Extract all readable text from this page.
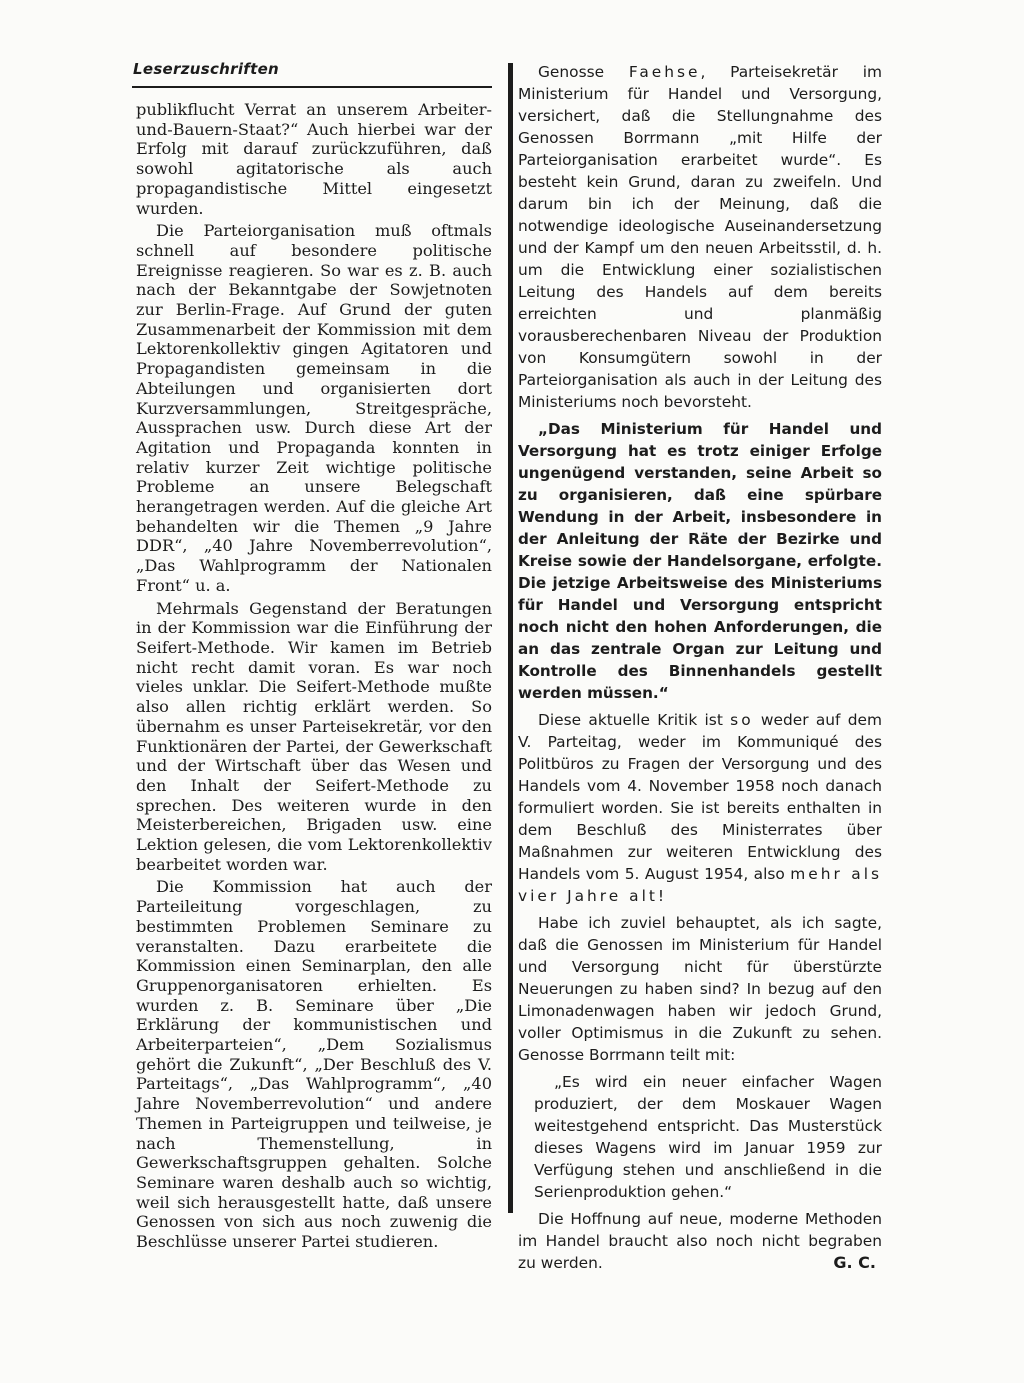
Leserzuschriften

publikflucht Verrat an unserem Arbeiter- und-Bauern-Staat?“ Auch hierbei war der Erfolg mit darauf zurückzuführen, daß sowohl agitatorische als auch propagandistische Mittel eingesetzt wurden.

Die Parteiorganisation muß oftmals schnell auf besondere politische Ereignisse reagieren. So war es z. B. auch nach der Bekanntgabe der Sowjetnoten zur Berlin-Frage. Auf Grund der guten Zusammenarbeit der Kommission mit dem Lektorenkollektiv gingen Agitatoren und Propagandisten gemeinsam in die Abteilungen und organisierten dort Kurzversammlungen, Streitgespräche, Aussprachen usw. Durch diese Art der Agitation und Propaganda konnten in relativ kurzer Zeit wichtige politische Probleme an unsere Belegschaft herangetragen werden. Auf die gleiche Art behandelten wir die Themen „9 Jahre DDR“, „40 Jahre Novemberrevolution“, „Das Wahlprogramm der Nationalen Front“ u. a.

Mehrmals Gegenstand der Beratungen in der Kommission war die Einführung der Seifert-Methode. Wir kamen im Betrieb nicht recht damit voran. Es war noch vieles unklar. Die Seifert-Methode mußte also allen richtig erklärt werden. So übernahm es unser Parteisekretär, vor den Funktionären der Partei, der Gewerkschaft und der Wirtschaft über das Wesen und den Inhalt der Seifert-Methode zu sprechen. Des weiteren wurde in den Meisterbereichen, Brigaden usw. eine Lektion gelesen, die vom Lektorenkollektiv bearbeitet worden war.

Die Kommission hat auch der Parteileitung vorgeschlagen, zu bestimmten Problemen Seminare zu veranstalten. Dazu erarbeitete die Kommission einen Seminarplan, den alle Gruppenorganisatoren erhielten. Es wurden z. B. Seminare über „Die Erklärung der kommunistischen und Arbeiterparteien“, „Dem Sozialismus gehört die Zukunft“, „Der Beschluß des V. Parteitags“, „Das Wahlprogramm“, „40 Jahre Novemberrevolution“ und andere Themen in Parteigruppen und teilweise, je nach Themenstellung, in Gewerkschaftsgruppen gehalten. Solche Seminare waren deshalb auch so wichtig, weil sich herausgestellt hatte, daß unsere Genossen von sich aus noch zuwenig die Beschlüsse unserer Partei studieren.

Genosse Faehse, Parteisekretär im Ministerium für Handel und Versorgung, versichert, daß die Stellungnahme des Genossen Borrmann „mit Hilfe der Parteiorganisation erarbeitet wurde“. Es besteht kein Grund, daran zu zweifeln. Und darum bin ich der Meinung, daß die notwendige ideologische Auseinandersetzung und der Kampf um den neuen Arbeitsstil, d. h. um die Entwicklung einer sozialistischen Leitung des Handels auf dem bereits erreichten und planmäßig vorausberechenbaren Niveau der Produktion von Konsumgütern sowohl in der Parteiorganisation als auch in der Leitung des Ministeriums noch bevorsteht.

„Das Ministerium für Handel und Versorgung hat es trotz einiger Erfolge ungenügend verstanden, seine Arbeit so zu organisieren, daß eine spürbare Wendung in der Arbeit, insbesondere in der Anleitung der Räte der Bezirke und Kreise sowie der Handelsorgane, erfolgte. Die jetzige Arbeitsweise des Ministeriums für Handel und Versorgung entspricht noch nicht den hohen Anforderungen, die an das zentrale Organ zur Leitung und Kontrolle des Binnenhandels gestellt werden müssen.“

Diese aktuelle Kritik ist so weder auf dem V. Parteitag, weder im Kommuniqué des Politbüros zu Fragen der Versorgung und des Handels vom 4. November 1958 noch danach formuliert worden. Sie ist bereits enthalten in dem Beschluß des Ministerrates über Maßnahmen zur weiteren Entwicklung des Handels vom 5. August 1954, also mehr als vier Jahre alt!

Habe ich zuviel behauptet, als ich sagte, daß die Genossen im Ministerium für Handel und Versorgung nicht für überstürzte Neuerungen zu haben sind? In bezug auf den Limonadenwagen haben wir jedoch Grund, voller Optimismus in die Zukunft zu sehen. Genosse Borrmann teilt mit:

„Es wird ein neuer einfacher Wagen produziert, der dem Moskauer Wagen weitestgehend entspricht. Das Musterstück dieses Wagens wird im Januar 1959 zur Verfügung stehen und anschließend in die Serienproduktion gehen.“

Die Hoffnung auf neue, moderne Methoden im Handel braucht also noch nicht begraben zu werden.	G. C.
